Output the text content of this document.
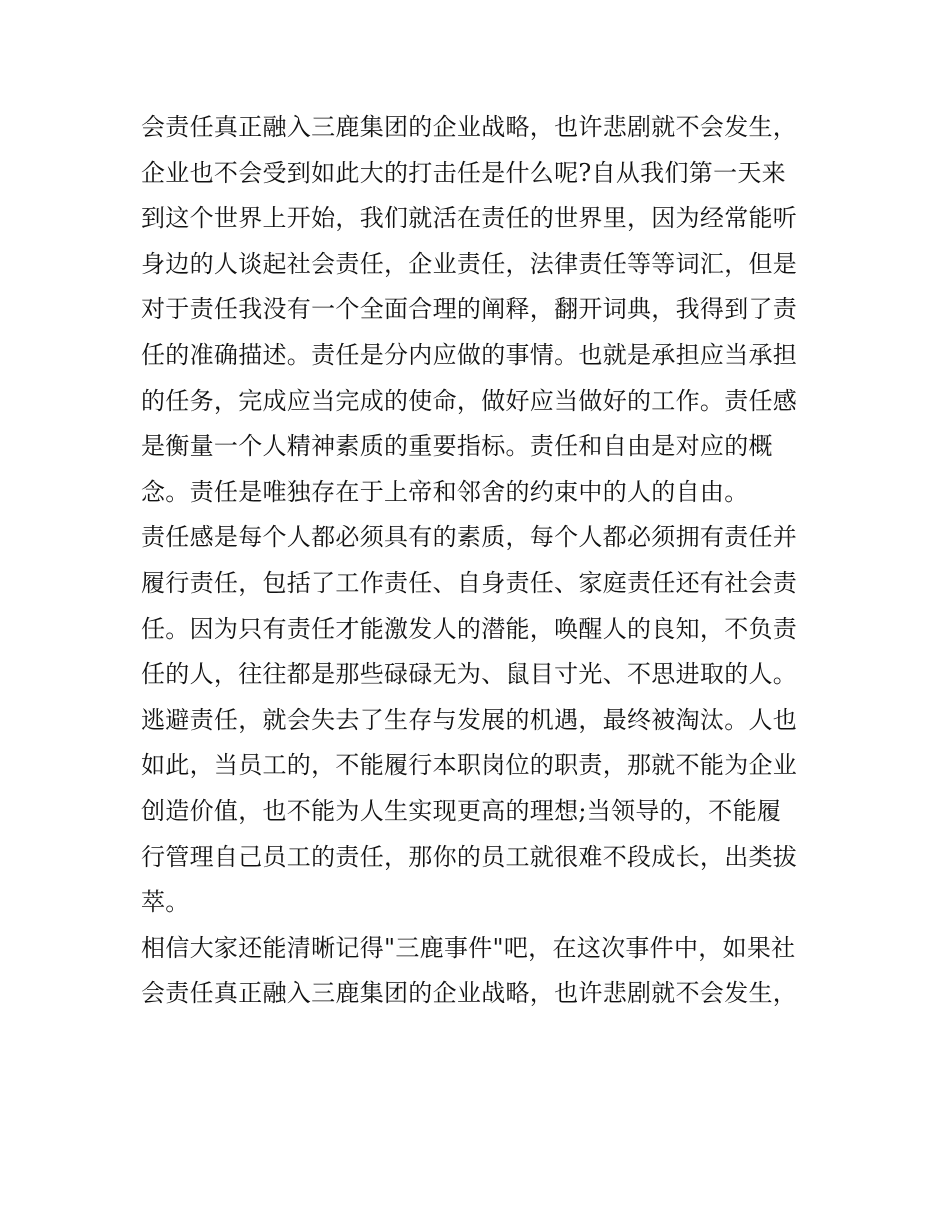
会责任真正融入三鹿集团的企业战略，也许悲剧就不会发生，
企业也不会受到如此大的打击任是什么呢?自从我们第一天来
到这个世界上开始，我们就活在责任的世界里，因为经常能听
身边的人谈起社会责任，企业责任，法律责任等等词汇，但是
对于责任我没有一个全面合理的阐释，翻开词典，我得到了责
任的准确描述。责任是分内应做的事情。也就是承担应当承担
的任务，完成应当完成的使命，做好应当做好的工作。责任感
是衡量一个人精神素质的重要指标。责任和自由是对应的概
念。责任是唯独存在于上帝和邻舍的约束中的人的自由。
责任感是每个人都必须具有的素质，每个人都必须拥有责任并
履行责任，包括了工作责任、自身责任、家庭责任还有社会责
任。因为只有责任才能激发人的潜能，唤醒人的良知，不负责
任的人，往往都是那些碌碌无为、鼠目寸光、不思进取的人。
逃避责任，就会失去了生存与发展的机遇，最终被淘汰。人也
如此，当员工的，不能履行本职岗位的职责，那就不能为企业
创造价值，也不能为人生实现更高的理想;当领导的，不能履
行管理自己员工的责任，那你的员工就很难不段成长，出类拔
萃。
相信大家还能清晰记得"三鹿事件"吧，在这次事件中，如果社
会责任真正融入三鹿集团的企业战略，也许悲剧就不会发生，
